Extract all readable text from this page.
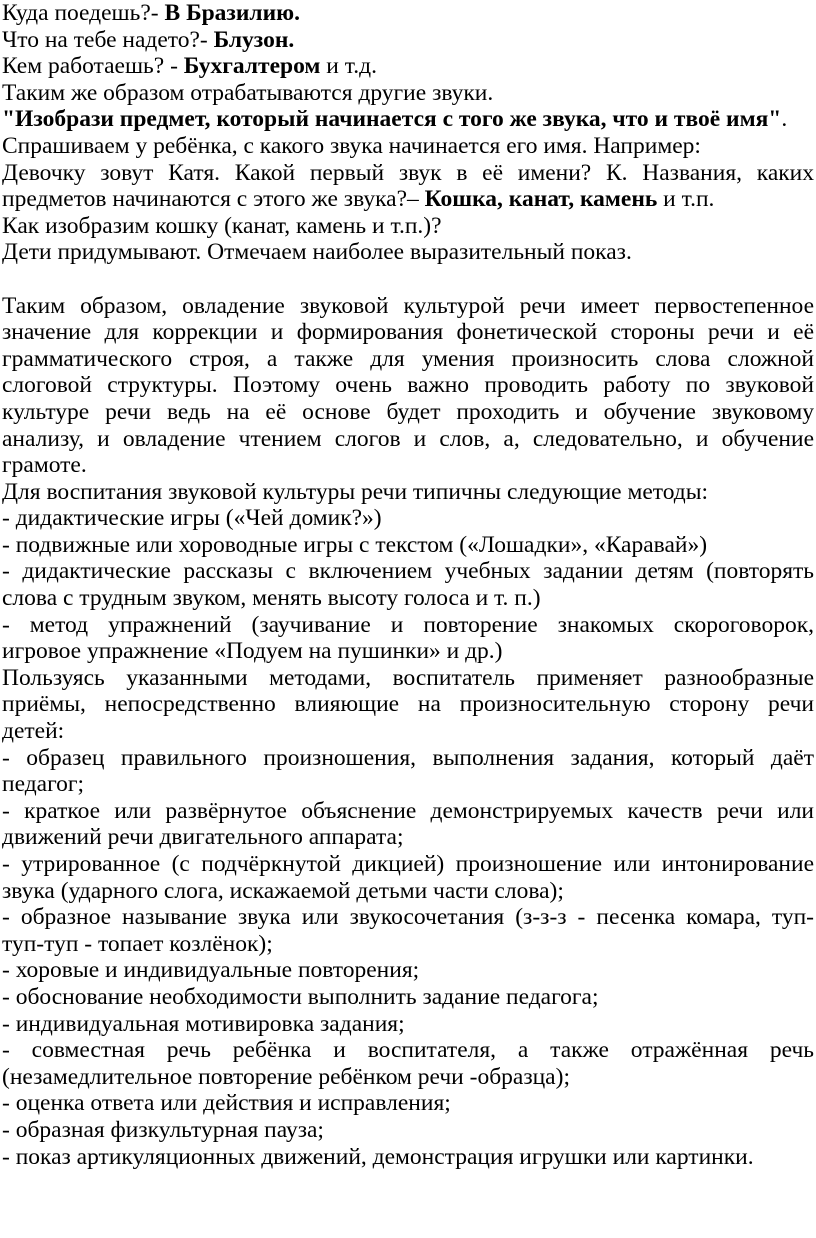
Куда поедешь?- В Бразилию.
Что на тебе надето?- Блузон.
Кем работаешь? - Бухгалтером и т.д.
Таким же образом отрабатываются другие звуки.
"Изобрази предмет, который начинается с того же звука, что и твоё имя".
Спрашиваем у ребёнка, с какого звука начинается его имя. Например:
Девочку зовут Катя. Какой первый звук в её имени? К. Названия, каких
предметов начинаются с этого же звука?– Кошка, канат, камень и т.п.
Как изобразим кошку (канат, камень и т.п.)?
Дети придумывают. Отмечаем наиболее выразительный показ.
Таким образом, овладение звуковой культурой речи имеет первостепенное
значение для коррекции и формирования фонетической стороны речи и её
грамматического строя, а также для умения произносить слова сложной
слоговой структуры. Поэтому очень важно проводить работу по звуковой
культуре речи ведь на её основе будет проходить и обучение звуковому
анализу, и овладение чтением слогов и слов, а, следовательно, и обучение
грамоте.
Для воспитания звуковой культуры речи типичны следующие методы:
- дидактические игры («Чей домик?»)
- подвижные или хороводные игры с текстом («Лошадки», «Каравай»)
- дидактические рассказы с включением учебных задании детям (повторять
слова с трудным звуком, менять высоту голоса и т. п.)
- метод упражнений (заучивание и повторение знакомых скороговорок,
игровое упражнение «Подуем на пушинки» и др.)
Пользуясь указанными методами, воспитатель применяет разнообразные
приёмы, непосредственно влияющие на произносительную сторону речи
детей:
- образец правильного произношения, выполнения задания, который даёт
педагог;
- краткое или развёрнутое объяснение демонстрируемых качеств речи или
движений речи двигательного аппарата;
- утрированное (с подчёркнутой дикцией) произношение или интонирование
звука (ударного слога, искажаемой детьми части слова);
- образное называние звука или звукосочетания (з-з-з - песенка комара, туп-
туп-туп - топает козлёнок);
- хоровые и индивидуальные повторения;
- обоснование необходимости выполнить задание педагога;
- индивидуальная мотивировка задания;
- совместная речь ребёнка и воспитателя, а также отражённая речь
(незамедлительное повторение ребёнком речи -образца);
- оценка ответа или действия и исправления;
- образная физкультурная пауза;
- показ артикуляционных движений, демонстрация игрушки или картинки.
